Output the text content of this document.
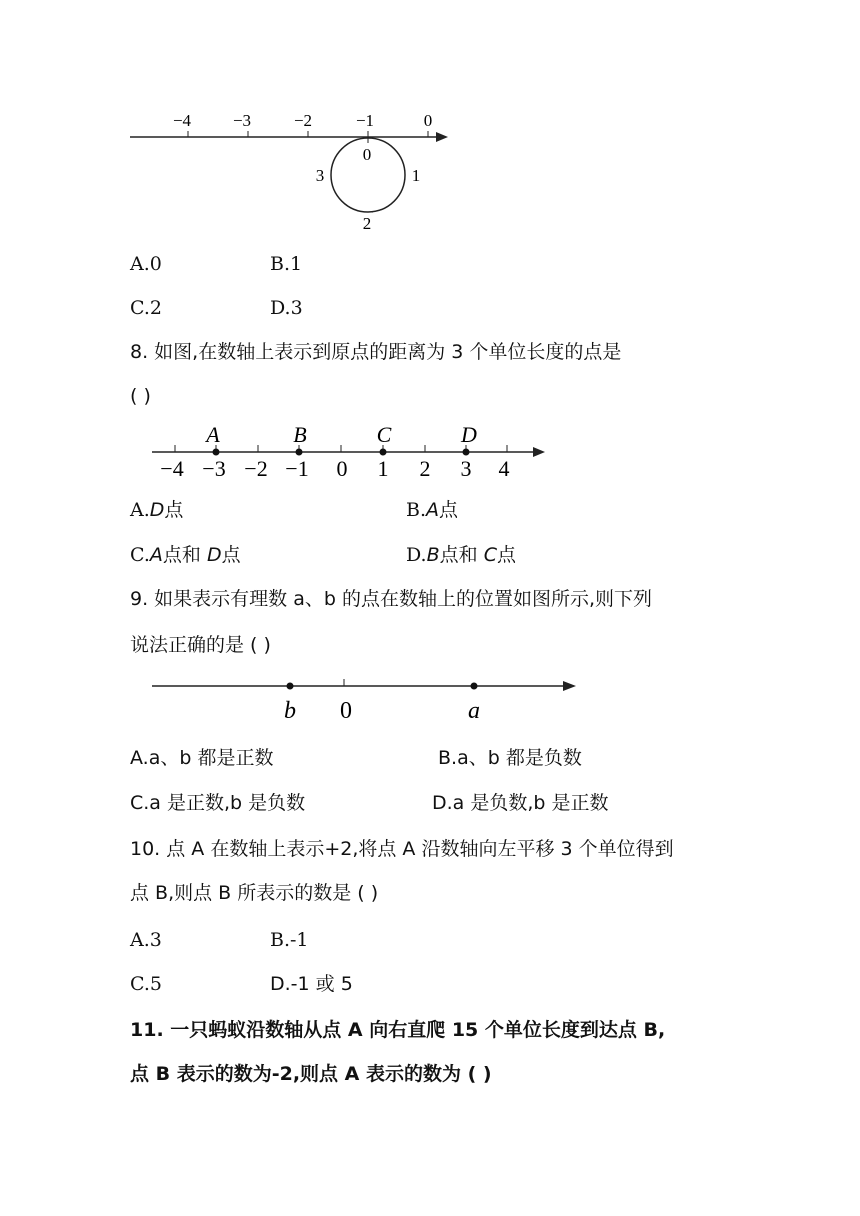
−4 −3	−2	−1	0
0
1
2
3
A.0	B.1
C.2	D.3
8. 如图,在数轴上表示到原点的距离为 3 个单位长度的点是
( )
A	B	C	D
−4 −3 −2 −1 0 1 2 3 4
A.D点	B.A点
C.A点和 D点	D.B点和 C点
9. 如果表示有理数 a、b 的点在数轴上的位置如图所示,则下列
说法正确的是 ( )
b 0	a
A.a、b 都是正数	B.a、b 都是负数
C.a 是正数,b 是负数	D.a 是负数,b 是正数
10. 点 A 在数轴上表示+2,将点 A 沿数轴向左平移 3 个单位得到
点 B,则点 B 所表示的数是 ( )
A.3	B.-1
C.5	D.-1 或 5
11. 一只蚂蚁沿数轴从点 A 向右直爬 15 个单位长度到达点 B,
点 B 表示的数为-2,则点 A 表示的数为 ( )
